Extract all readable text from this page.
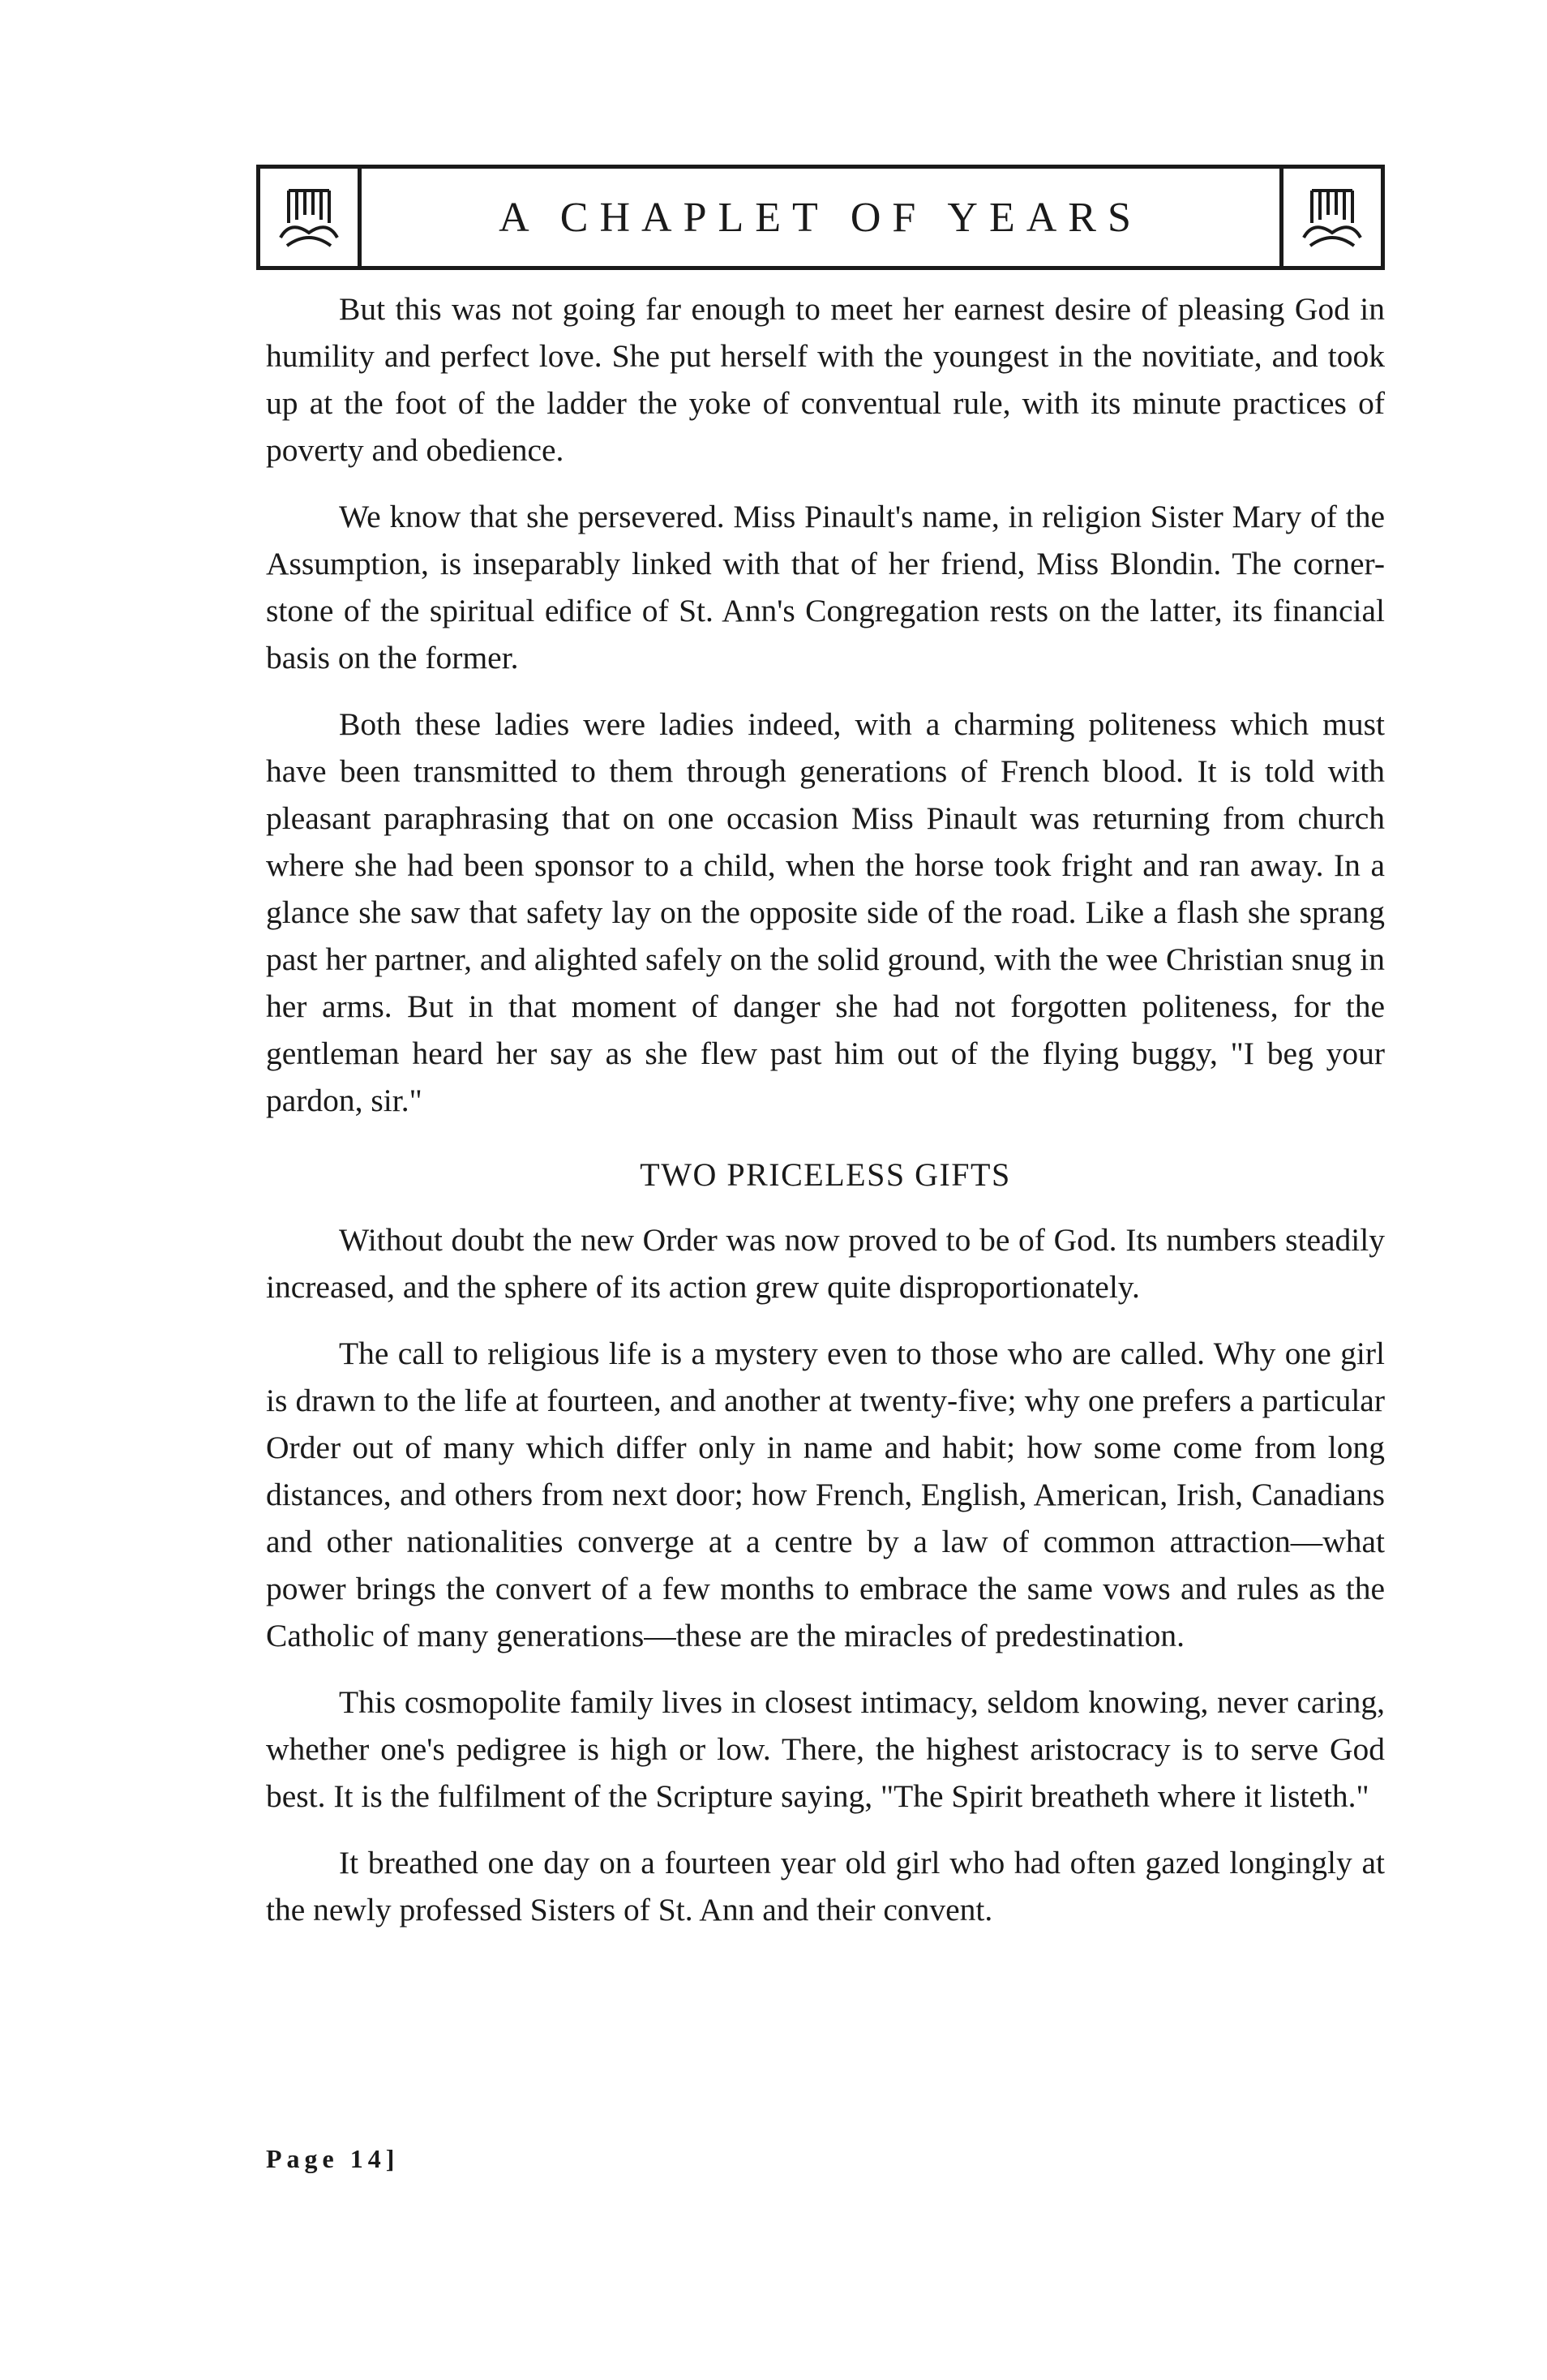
A CHAPLET OF YEARS

But this was not going far enough to meet her earnest desire of pleasing God in humility and perfect love. She put herself with the youngest in the novitiate, and took up at the foot of the ladder the yoke of conventual rule, with its minute practices of poverty and obedience.

We know that she persevered. Miss Pinault's name, in religion Sister Mary of the Assumption, is inseparably linked with that of her friend, Miss Blondin. The corner-stone of the spiritual edifice of St. Ann's Congregation rests on the latter, its financial basis on the former.

Both these ladies were ladies indeed, with a charming politeness which must have been transmitted to them through generations of French blood. It is told with pleasant paraphrasing that on one occasion Miss Pinault was returning from church where she had been sponsor to a child, when the horse took fright and ran away. In a glance she saw that safety lay on the opposite side of the road. Like a flash she sprang past her partner, and alighted safely on the solid ground, with the wee Christian snug in her arms. But in that moment of danger she had not forgotten politeness, for the gentleman heard her say as she flew past him out of the flying buggy, "I beg your pardon, sir."

TWO PRICELESS GIFTS

Without doubt the new Order was now proved to be of God. Its numbers steadily increased, and the sphere of its action grew quite disproportionately.

The call to religious life is a mystery even to those who are called. Why one girl is drawn to the life at fourteen, and another at twenty-five; why one prefers a particular Order out of many which differ only in name and habit; how some come from long distances, and others from next door; how French, English, American, Irish, Canadians and other nationalities converge at a centre by a law of common attraction—what power brings the convert of a few months to embrace the same vows and rules as the Catholic of many generations—these are the miracles of predestination.

This cosmopolite family lives in closest intimacy, seldom knowing, never caring, whether one's pedigree is high or low. There, the highest aristocracy is to serve God best. It is the fulfilment of the Scripture saying, "The Spirit breatheth where it listeth."

It breathed one day on a fourteen year old girl who had often gazed longingly at the newly professed Sisters of St. Ann and their convent.

Page 14]
